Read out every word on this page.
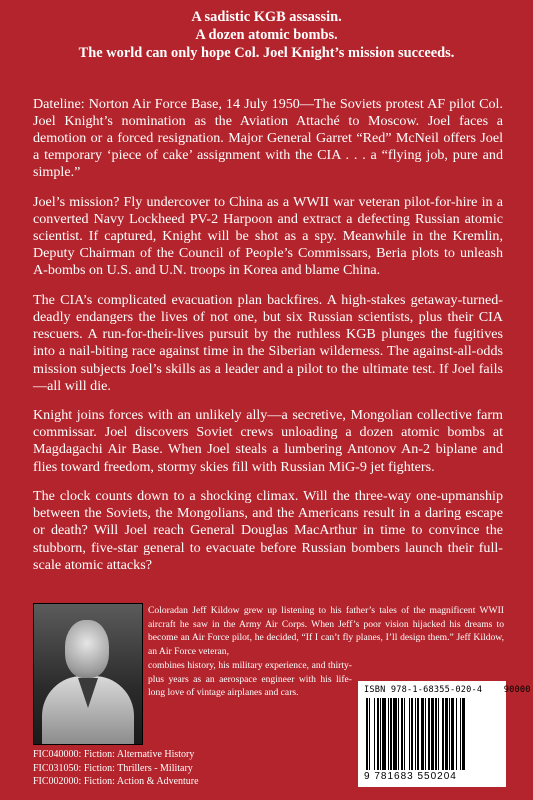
A sadistic KGB assassin.
A dozen atomic bombs.
The world can only hope Col. Joel Knight’s mission succeeds.

Dateline: Norton Air Force Base, 14 July 1950—The Soviets protest AF pilot Col. Joel Knight’s nomination as the Aviation Attaché to Moscow. Joel faces a demotion or a forced resignation. Major General Garret “Red” McNeil offers Joel a temporary ‘piece of cake’ assignment with the CIA . . . a “flying job, pure and simple.”

Joel’s mission? Fly undercover to China as a WWII war veteran pilot-for-hire in a converted Navy Lockheed PV-2 Harpoon and extract a defecting Russian atomic scientist. If captured, Knight will be shot as a spy. Meanwhile in the Kremlin, Deputy Chairman of the Council of People’s Commissars, Beria plots to unleash A-bombs on U.S. and U.N. troops in Korea and blame China.

The CIA’s complicated evacuation plan backfires. A high-stakes getaway-turned-deadly endangers the lives of not one, but six Russian scientists, plus their CIA rescuers. A run-for-their-lives pursuit by the ruthless KGB plunges the fugitives into a nail-biting race against time in the Siberian wilderness. The against-all-odds mission subjects Joel’s skills as a leader and a pilot to the ultimate test. If Joel fails—all will die.

Knight joins forces with an unlikely ally—a secretive, Mongolian collective farm commissar. Joel discovers Soviet crews unloading a dozen atomic bombs at Magdagachi Air Base. When Joel steals a lumbering Antonov An-2 biplane and flies toward freedom, stormy skies fill with Russian MiG-9 jet fighters.

The clock counts down to a shocking climax. Will the three-way one-upmanship between the Soviets, the Mongolians, and the Americans result in a daring escape or death? Will Joel reach General Douglas MacArthur in time to convince the stubborn, five-star general to evacuate before Russian bombers launch their full-scale atomic attacks?

Coloradan Jeff Kildow grew up listening to his father’s tales of the magnificent WWII aircraft he saw in the Army Air Corps. When Jeff’s poor vision hijacked his dreams to become an Air Force pilot, he decided, “If I can’t fly planes, I’ll design them.” Jeff Kildow, an Air Force veteran,
combines history, his military experience, and thirty-plus years as an aerospace engineer with his life-long love of vintage airplanes and cars.	ISBN 978-1-68355-020-4	90000
9 781683 550204
FIC040000: Fiction: Alternative History
FIC031050: Fiction: Thrillers - Military
FIC002000: Fiction: Action & Adventure
